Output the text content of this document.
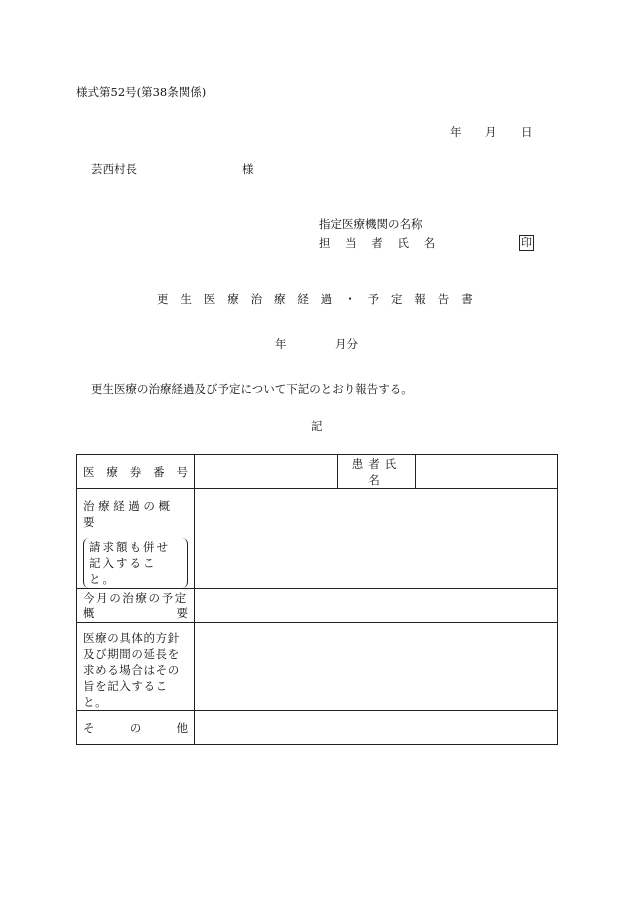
様式第52号(第38条関係)
年 月 日
芸西村長	様
指定医療機関の名称
担 当 者 氏 名	印
更生医療治療経過・予定報告書
年	月分
更生医療の治療経過及び予定について下記のとおり報告する。
記
医 療 券 番 号		患者氏名	

治療経過の概要
請求額も併せ記入すること。			

今月の治療の予定
概 要			

医療の具体的方針及び期間の延長を求める場合はその旨を記入すること。			

そ の 他			
